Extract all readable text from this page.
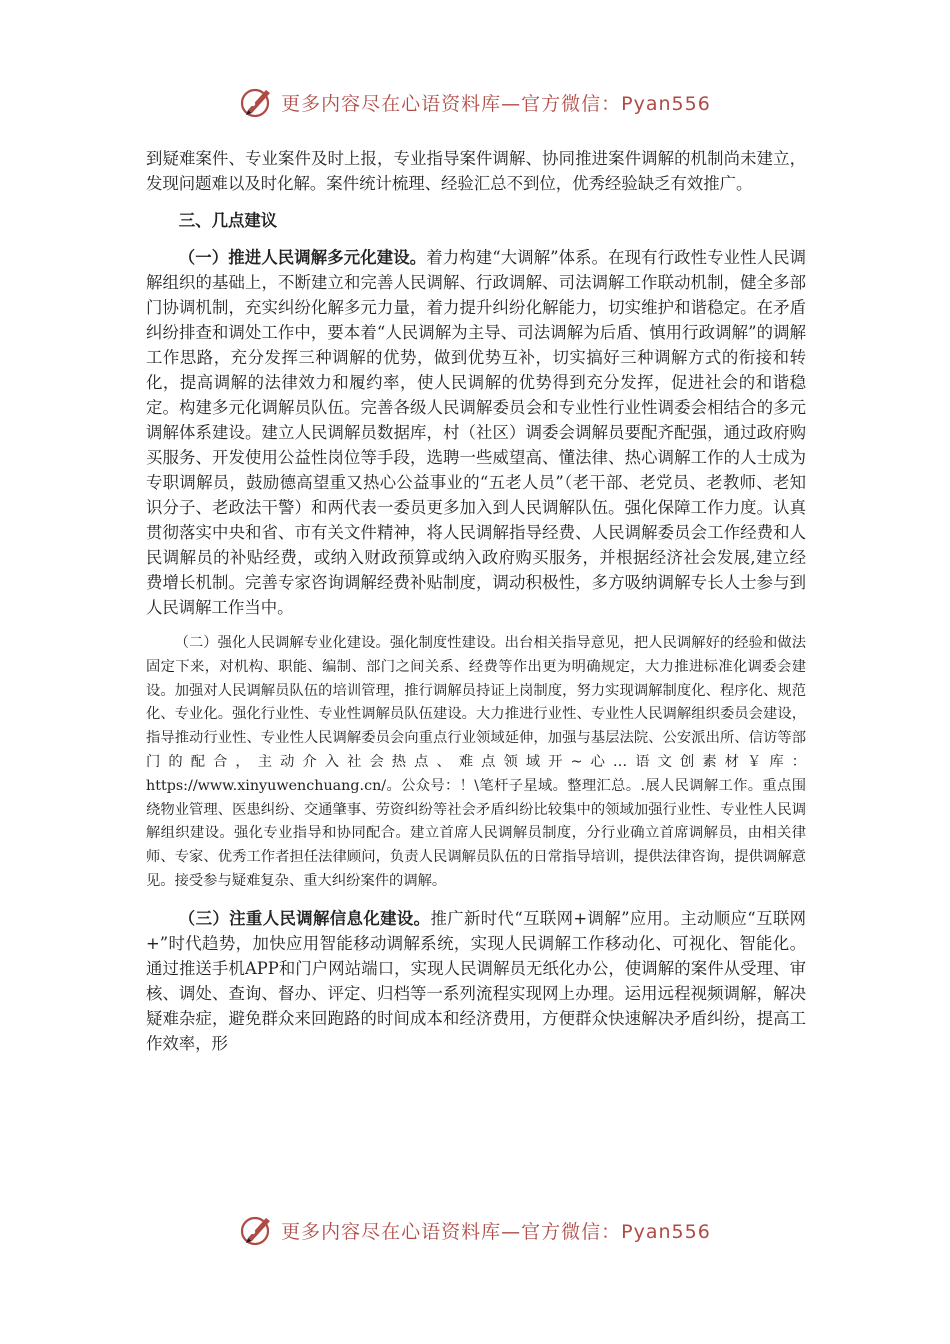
更多内容尽在心语资料库—官方微信：Pyan556

到疑难案件、专业案件及时上报，专业指导案件调解、协同推进案件调解的机制尚未建立，发现问题难以及时化解。案件统计梳理、经验汇总不到位，优秀经验缺乏有效推广。

三、几点建议

（一）推进人民调解多元化建设。着力构建“大调解”体系。在现有行政性专业性人民调解组织的基础上，不断建立和完善人民调解、行政调解、司法调解工作联动机制，健全多部门协调机制，充实纠纷化解多元力量，着力提升纠纷化解能力，切实维护和谐稳定。在矛盾纠纷排查和调处工作中，要本着“人民调解为主导、司法调解为后盾、慎用行政调解”的调解工作思路，充分发挥三种调解的优势，做到优势互补，切实搞好三种调解方式的衔接和转化，提高调解的法律效力和履约率，使人民调解的优势得到充分发挥，促进社会的和谐稳定。构建多元化调解员队伍。完善各级人民调解委员会和专业性行业性调委会相结合的多元调解体系建设。建立人民调解员数据库，村（社区）调委会调解员要配齐配强，通过政府购买服务、开发使用公益性岗位等手段，选聘一些威望高、懂法律、热心调解工作的人士成为专职调解员，鼓励德高望重又热心公益事业的“五老人员”（老干部、老党员、老教师、老知识分子、老政法干警）和两代表一委员更多加入到人民调解队伍。强化保障工作力度。认真贯彻落实中央和省、市有关文件精神，将人民调解指导经费、人民调解委员会工作经费和人民调解员的补贴经费，或纳入财政预算或纳入政府购买服务，并根据经济社会发展,建立经费增长机制。完善专家咨询调解经费补贴制度，调动积极性，多方吸纳调解专长人士参与到人民调解工作当中。

（二）强化人民调解专业化建设。强化制度性建设。出台相关指导意见，把人民调解好的经验和做法固定下来，对机构、职能、编制、部门之间关系、经费等作出更为明确规定，大力推进标准化调委会建设。加强对人民调解员队伍的培训管理，推行调解员持证上岗制度，努力实现调解制度化、程序化、规范化、专业化。强化行业性、专业性调解员队伍建设。大力推进行业性、专业性人民调解组织委员会建设，指导推动行业性、专业性人民调解委员会向重点行业领域延伸，加强与基层法院、公安派出所、信访等部门的配合，主动介入社会热点、难点领域开~心…语文创素材￥库：https://www.xinyuwenchuang.cn/。公众号：！\笔杆子星域。整理汇总。.展人民调解工作。重点围绕物业管理、医患纠纷、交通肇事、劳资纠纷等社会矛盾纠纷比较集中的领域加强行业性、专业性人民调解组织建设。强化专业指导和协同配合。建立首席人民调解员制度，分行业确立首席调解员，由相关律师、专家、优秀工作者担任法律顾问，负责人民调解员队伍的日常指导培训，提供法律咨询，提供调解意见。接受参与疑难复杂、重大纠纷案件的调解。

（三）注重人民调解信息化建设。推广新时代“互联网+调解”应用。主动顺应“互联网+”时代趋势，加快应用智能移动调解系统，实现人民调解工作移动化、可视化、智能化。通过推送手机APP和门户网站端口，实现人民调解员无纸化办公，使调解的案件从受理、审核、调处、查询、督办、评定、归档等一系列流程实现网上办理。运用远程视频调解，解决疑难杂症，避免群众来回跑路的时间成本和经济费用，方便群众快速解决矛盾纠纷，提高工作效率，形

更多内容尽在心语资料库—官方微信：Pyan556
